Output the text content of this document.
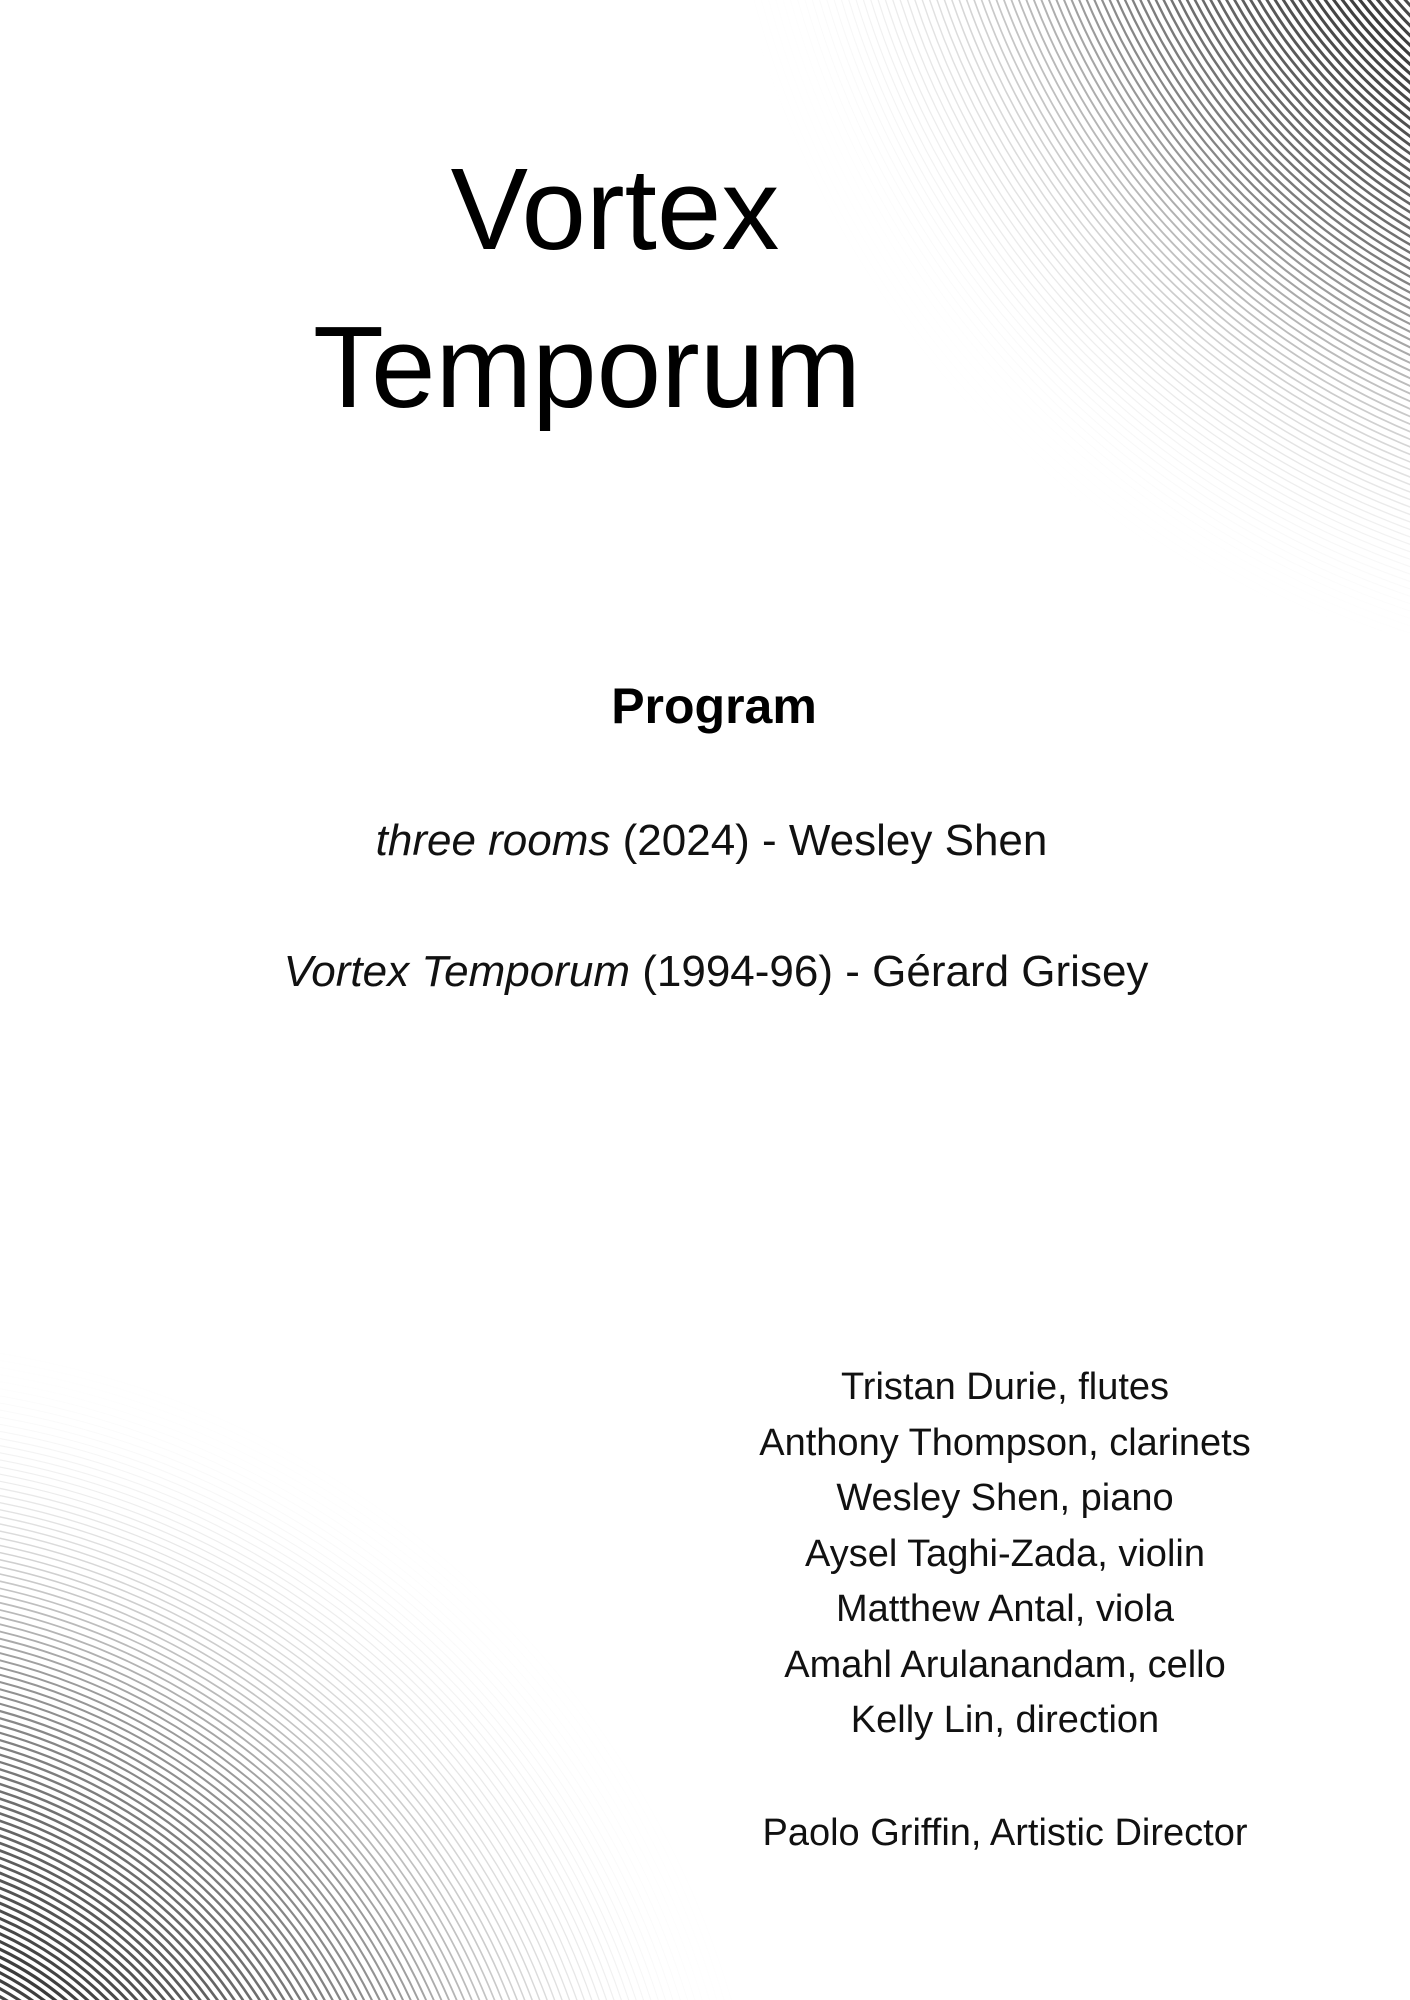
Vortex
Temporum
Program

three rooms (2024) - Wesley Shen

Vortex Temporum (1994-96) - Gérard Grisey

Tristan Durie, flutes
Anthony Thompson, clarinets
Wesley Shen, piano
Aysel Taghi-Zada, violin
Matthew Antal, viola
Amahl Arulanandam, cello
Kelly Lin, direction

Paolo Griffin, Artistic Director
